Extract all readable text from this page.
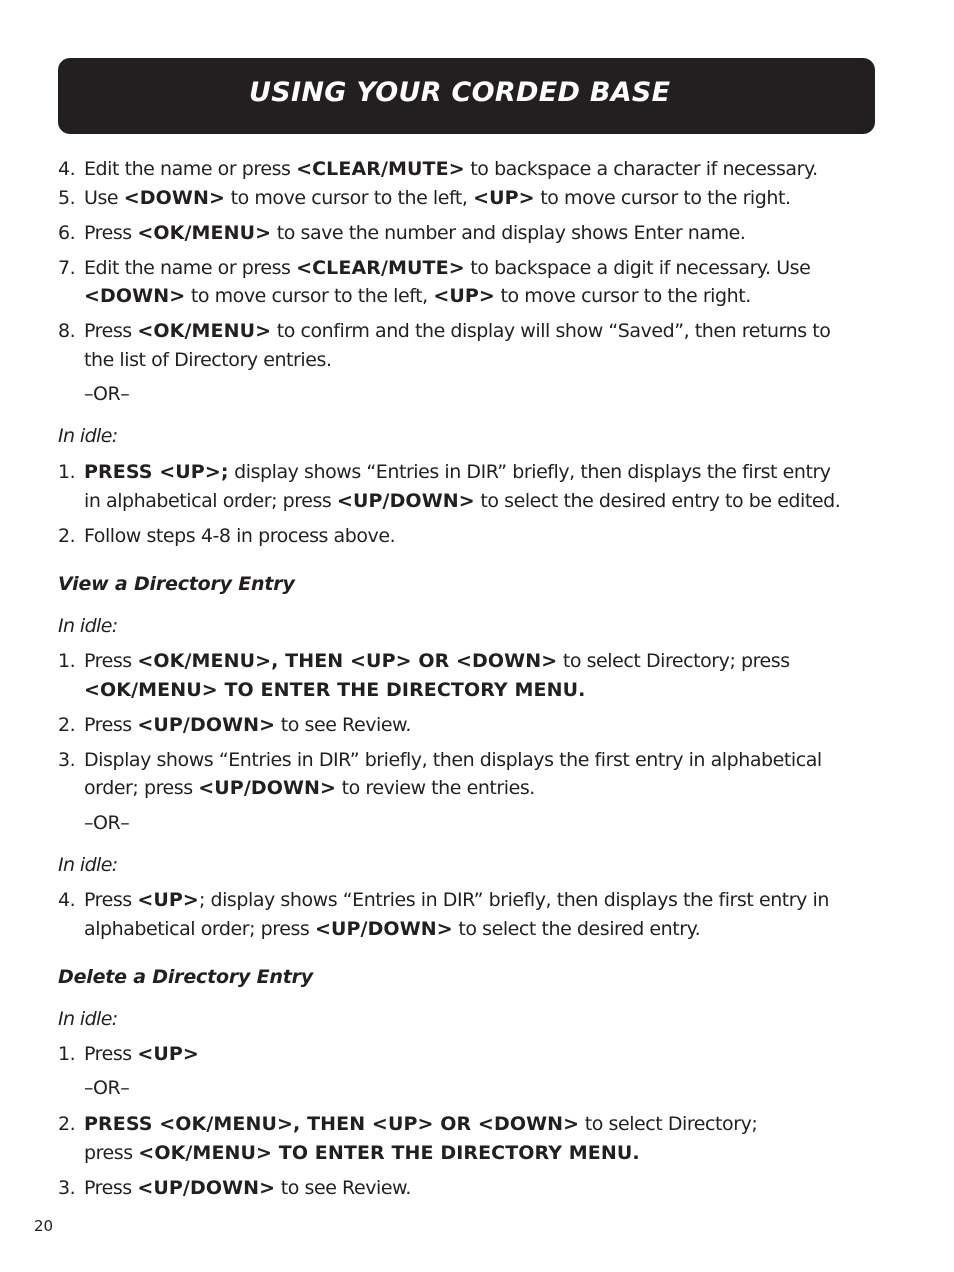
USING YOUR CORDED BASE
4. Edit the name or press <CLEAR/MUTE> to backspace a character if necessary.
5. Use <DOWN> to move cursor to the left, <UP> to move cursor to the right.
6. Press <OK/MENU> to save the number and display shows Enter name.
7. Edit the name or press <CLEAR/MUTE> to backspace a digit if necessary. Use
<DOWN> to move cursor to the left, <UP> to move cursor to the right.
8. Press <OK/MENU> to confirm and the display will show “Saved”, then returns to
the list of Directory entries.
–OR–
In idle:
1. PRESS <UP>; display shows “Entries in DIR” briefly, then displays the first entry
in alphabetical order; press <UP/DOWN> to select the desired entry to be edited.
2. Follow steps 4-8 in process above.
View a Directory Entry
In idle:
1. Press <OK/MENU>, THEN <UP> OR <DOWN> to select Directory; press
<OK/MENU> TO ENTER THE DIRECTORY MENU.
2. Press <UP/DOWN> to see Review.
3. Display shows “Entries in DIR” briefly, then displays the first entry in alphabetical
order; press <UP/DOWN> to review the entries.
–OR–
In idle:
4. Press <UP>; display shows “Entries in DIR” briefly, then displays the first entry in
alphabetical order; press <UP/DOWN> to select the desired entry.
Delete a Directory Entry
In idle:
1. Press <UP>
–OR–
2. PRESS <OK/MENU>, THEN <UP> OR <DOWN> to select Directory;
press <OK/MENU> TO ENTER THE DIRECTORY MENU.
3. Press <UP/DOWN> to see Review.
20
